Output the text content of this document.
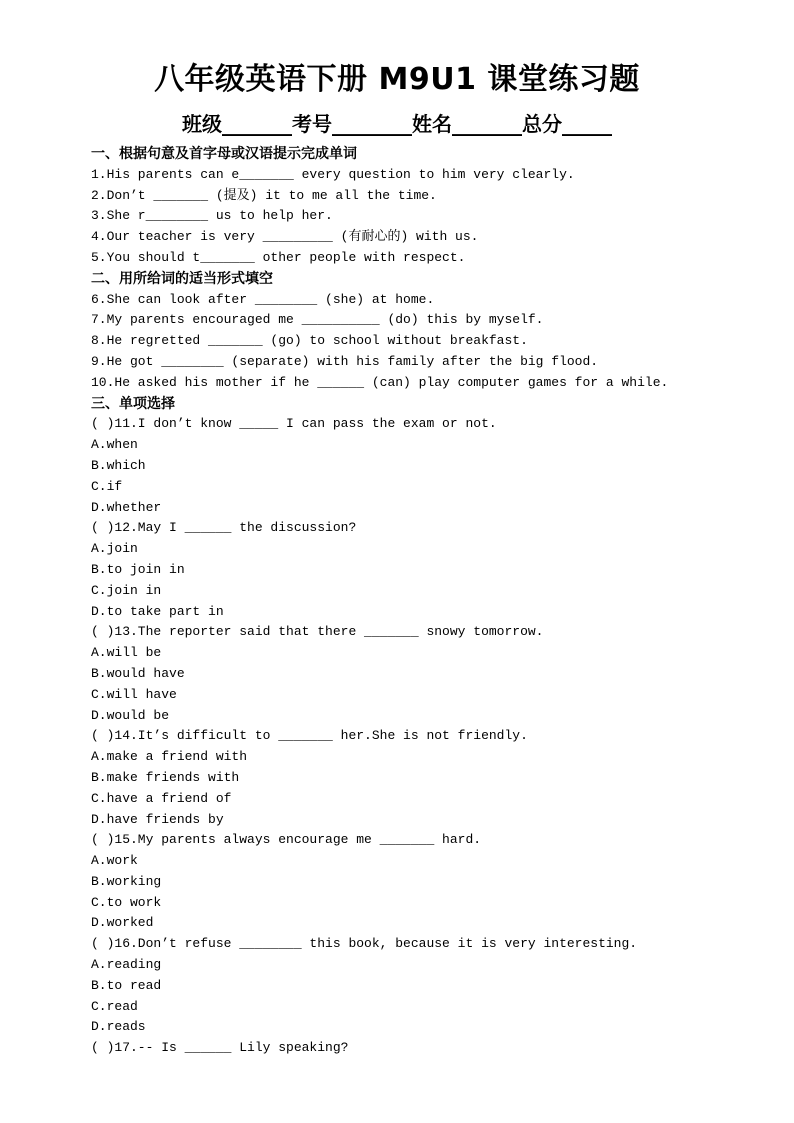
八年级英语下册 M9U1 课堂练习题
班级_______考号________姓名_______总分_____
一、根据句意及首字母或汉语提示完成单词
1.His parents can e_______ every question to him very clearly.
2.Don’t _______ (提及) it to me all the time.
3.She r________ us to help her.
4.Our teacher is very _________ (有耐心的) with us.
5.You should t_______ other people with respect.
二、用所给词的适当形式填空
6.She can look after ________ (she) at home.
7.My parents encouraged me __________ (do) this by myself.
8.He regretted _______ (go) to school without breakfast.
9.He got ________ (separate) with his family after the big flood.
10.He asked his mother if he ______ (can) play computer games for a while.
三、单项选择
( )11.I don’t know _____ I can pass the exam or not.
A.when
B.which
C.if
D.whether
( )12.May I ______ the discussion?
A.join
B.to join in
C.join in
D.to take part in
( )13.The reporter said that there _______ snowy tomorrow.
A.will be
B.would have
C.will have
D.would be
( )14.It’s difficult to _______ her.She is not friendly.
A.make a friend with
B.make friends with
C.have a friend of
D.have friends by
( )15.My parents always encourage me _______ hard.
A.work
B.working
C.to work
D.worked
( )16.Don’t refuse ________ this book, because it is very interesting.
A.reading
B.to read
C.read
D.reads
( )17.-- Is ______ Lily speaking?
